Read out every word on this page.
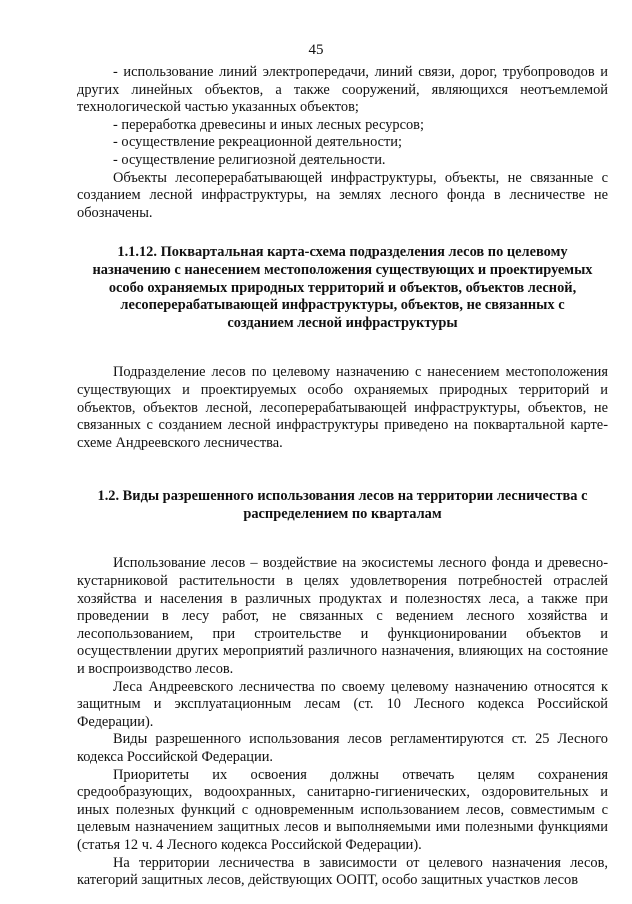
45

- использование линий электропередачи, линий связи, дорог, трубопроводов и других линейных объектов, а также сооружений, являющихся неотъемлемой технологической частью указанных объектов;

- переработка древесины и иных лесных ресурсов;

- осуществление рекреационной деятельности;

- осуществление религиозной деятельности.

Объекты лесоперерабатывающей инфраструктуры, объекты, не связанные с созданием лесной инфраструктуры, на землях лесного фонда в лесничестве не обозначены.

1.1.12. Поквартальная карта-схема подразделения лесов по целевому назначению с нанесением местоположения существующих и проектируемых особо охраняемых природных территорий и объектов, объектов лесной, лесоперерабатывающей инфраструктуры, объектов, не связанных с созданием лесной инфраструктуры

Подразделение лесов по целевому назначению с нанесением местоположения существующих и проектируемых особо охраняемых природных территорий и объектов, объектов лесной, лесоперерабатывающей инфраструктуры, объектов, не связанных с созданием лесной инфраструктуры приведено на поквартальной карте-схеме Андреевского лесничества.

1.2. Виды разрешенного использования лесов на территории лесничества с распределением по кварталам

Использование лесов – воздействие на экосистемы лесного фонда и древесно-кустарниковой растительности в целях удовлетворения потребностей отраслей хозяйства и населения в различных продуктах и полезностях леса, а также при проведении в лесу работ, не связанных с ведением лесного хозяйства и лесопользованием, при строительстве и функционировании объектов и осуществлении других мероприятий различного назначения, влияющих на состояние и воспроизводство лесов.

Леса Андреевского лесничества по своему целевому назначению относятся к защитным и эксплуатационным лесам (ст. 10 Лесного кодекса Российской Федерации).

Виды разрешенного использования лесов регламентируются ст. 25 Лесного кодекса Российской Федерации.

Приоритеты их освоения должны отвечать целям сохранения средообразующих, водоохранных, санитарно-гигиенических, оздоровительных и иных полезных функций с одновременным использованием лесов, совместимым с целевым назначением защитных лесов и выполняемыми ими полезными функциями (статья 12 ч. 4 Лесного кодекса Российской Федерации).

На территории лесничества в зависимости от целевого назначения лесов, категорий защитных лесов, действующих ООПТ, особо защитных участков лесов
